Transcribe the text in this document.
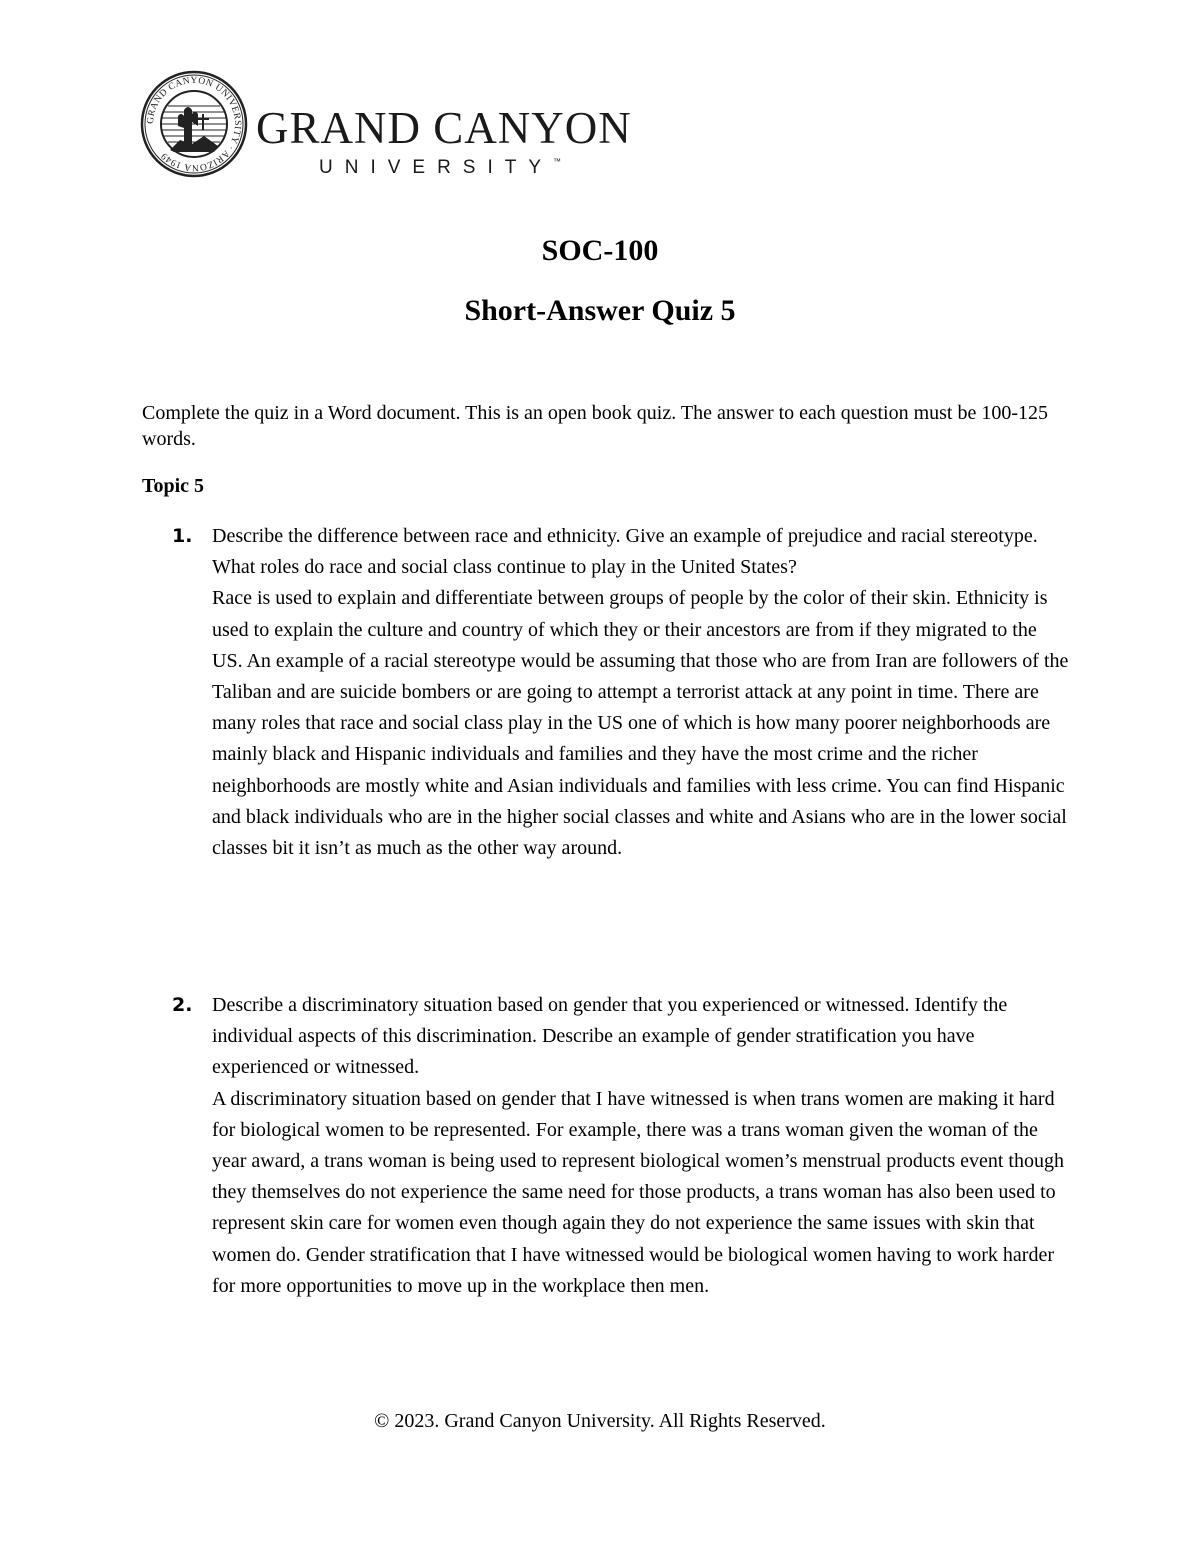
GRAND CANYON UNIVERSITY · ARIZONA 1949
GRAND CANYON
UNIVERSITY™
SOC-100
Short-Answer Quiz 5
Complete the quiz in a Word document. This is an open book quiz. The answer to each question must be 100-125 words.
Topic 5
1. Describe the difference between race and ethnicity. Give an example of prejudice and racial stereotype. What roles do race and social class continue to play in the United States?

Race is used to explain and differentiate between groups of people by the color of their skin. Ethnicity is used to explain the culture and country of which they or their ancestors are from if they migrated to the US. An example of a racial stereotype would be assuming that those who are from Iran are followers of the Taliban and are suicide bombers or are going to attempt a terrorist attack at any point in time. There are many roles that race and social class play in the US one of which is how many poorer neighborhoods are mainly black and Hispanic individuals and families and they have the most crime and the richer neighborhoods are mostly white and Asian individuals and families with less crime. You can find Hispanic and black individuals who are in the higher social classes and white and Asians who are in the lower social classes bit it isn’t as much as the other way around.

2. Describe a discriminatory situation based on gender that you experienced or witnessed. Identify the individual aspects of this discrimination. Describe an example of gender stratification you have experienced or witnessed.

A discriminatory situation based on gender that I have witnessed is when trans women are making it hard for biological women to be represented. For example, there was a trans woman given the woman of the year award, a trans woman is being used to represent biological women’s menstrual products event though they themselves do not experience the same need for those products, a trans woman has also been used to represent skin care for women even though again they do not experience the same issues with skin that women do. Gender stratification that I have witnessed would be biological women having to work harder for more opportunities to move up in the workplace then men.

© 2023. Grand Canyon University. All Rights Reserved.
